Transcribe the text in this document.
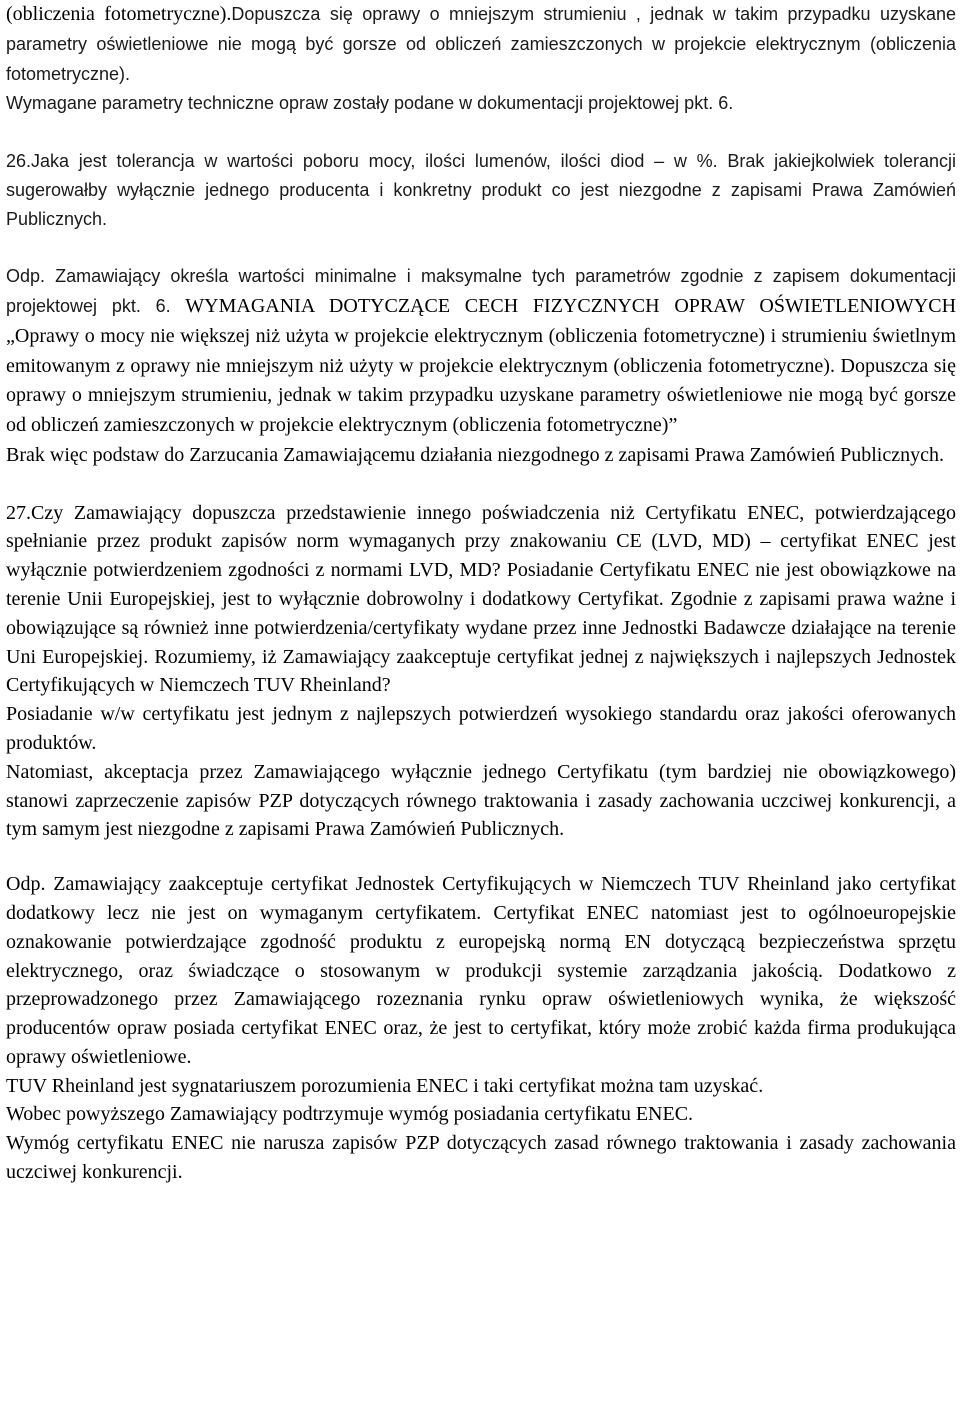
(obliczenia fotometryczne).Dopuszcza się oprawy o mniejszym strumieniu , jednak w takim przypadku uzyskane parametry oświetleniowe nie mogą być gorsze od obliczeń zamieszczonych w projekcie elektrycznym (obliczenia fotometryczne).

Wymagane parametry techniczne opraw zostały podane w dokumentacji projektowej pkt. 6.

26.Jaka jest tolerancja w wartości poboru mocy, ilości lumenów, ilości diod – w %. Brak jakiejkolwiek tolerancji sugerowałby wyłącznie jednego producenta i konkretny produkt co jest niezgodne z zapisami Prawa Zamówień Publicznych.

Odp. Zamawiający określa wartości minimalne i maksymalne tych parametrów zgodnie z zapisem dokumentacji projektowej pkt. 6. WYMAGANIA DOTYCZĄCE CECH FIZYCZNYCH OPRAW OŚWIETLENIOWYCH „Oprawy o mocy nie większej niż użyta w projekcie elektrycznym (obliczenia fotometryczne) i strumieniu świetlnym emitowanym z oprawy nie mniejszym niż użyty w projekcie elektrycznym (obliczenia fotometryczne). Dopuszcza się oprawy o mniejszym strumieniu, jednak w takim przypadku uzyskane parametry oświetleniowe nie mogą być gorsze od obliczeń zamieszczonych w projekcie elektrycznym (obliczenia fotometryczne)”

Brak więc podstaw do Zarzucania Zamawiającemu działania niezgodnego z zapisami Prawa Zamówień Publicznych.

27.Czy Zamawiający dopuszcza przedstawienie innego poświadczenia niż Certyfikatu ENEC, potwierdzającego spełnianie przez produkt zapisów norm wymaganych przy znakowaniu CE (LVD, MD) – certyfikat ENEC jest wyłącznie potwierdzeniem zgodności z normami LVD, MD? Posiadanie Certyfikatu ENEC nie jest obowiązkowe na terenie Unii Europejskiej, jest to wyłącznie dobrowolny i dodatkowy Certyfikat. Zgodnie z zapisami prawa ważne i obowiązujące są również inne potwierdzenia/certyfikaty wydane przez inne Jednostki Badawcze działające na terenie Uni Europejskiej. Rozumiemy, iż Zamawiający zaakceptuje certyfikat jednej z największych i najlepszych Jednostek Certyfikujących w Niemczech TUV Rheinland?

Posiadanie w/w certyfikatu jest jednym z najlepszych potwierdzeń wysokiego standardu oraz jakości oferowanych produktów.

Natomiast, akceptacja przez Zamawiającego wyłącznie jednego Certyfikatu (tym bardziej nie obowiązkowego) stanowi zaprzeczenie zapisów PZP dotyczących równego traktowania i zasady zachowania uczciwej konkurencji, a tym samym jest niezgodne z zapisami Prawa Zamówień Publicznych.

Odp. Zamawiający zaakceptuje certyfikat Jednostek Certyfikujących w Niemczech TUV Rheinland jako certyfikat dodatkowy lecz nie jest on wymaganym certyfikatem. Certyfikat ENEC natomiast jest to ogólnoeuropejskie oznakowanie potwierdzające zgodność produktu z europejską normą EN dotyczącą bezpieczeństwa sprzętu elektrycznego, oraz świadczące o stosowanym w produkcji systemie zarządzania jakością. Dodatkowo z przeprowadzonego przez Zamawiającego rozeznania rynku opraw oświetleniowych wynika, że większość producentów opraw posiada certyfikat ENEC oraz, że jest to certyfikat, który może zrobić każda firma produkująca oprawy oświetleniowe.

TUV Rheinland jest sygnatariuszem porozumienia ENEC i taki certyfikat można tam uzyskać.

Wobec powyższego Zamawiający podtrzymuje wymóg posiadania certyfikatu ENEC.

Wymóg certyfikatu ENEC nie narusza zapisów PZP dotyczących zasad równego traktowania i zasady zachowania uczciwej konkurencji.
